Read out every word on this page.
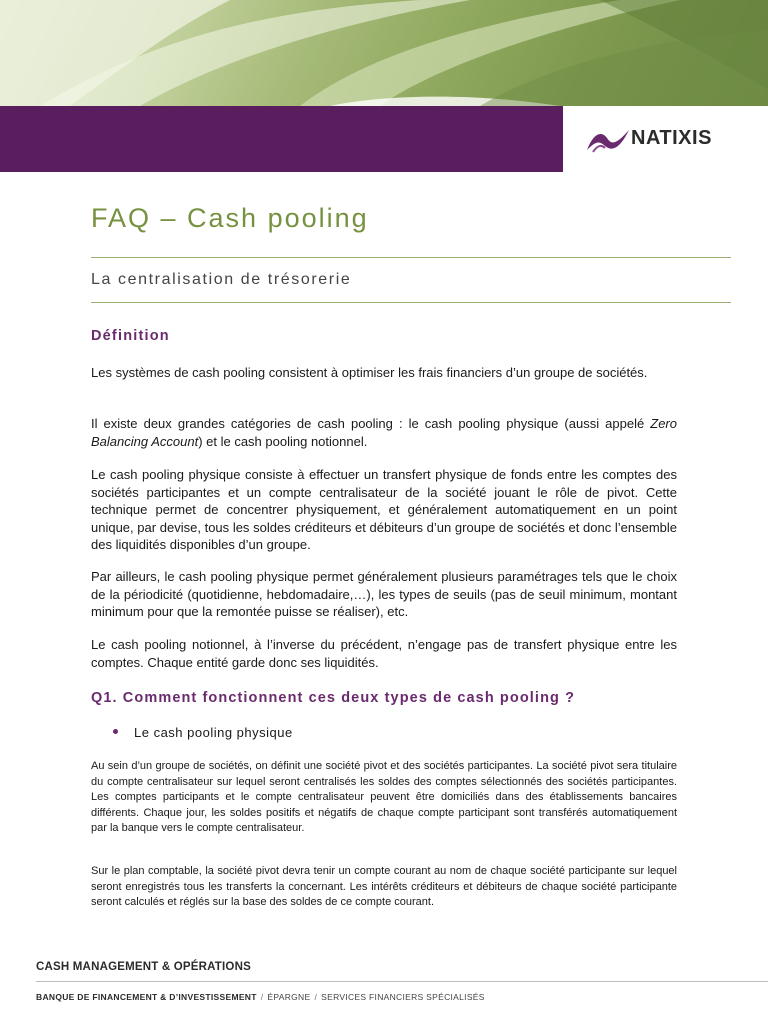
NATIXIS
FAQ – Cash pooling
La centralisation de trésorerie
Définition

Les systèmes de cash pooling consistent à optimiser les frais financiers d’un groupe de sociétés.

Il existe deux grandes catégories de cash pooling : le cash pooling physique (aussi appelé Zero Balancing Account) et le cash pooling notionnel.

Le cash pooling physique consiste à effectuer un transfert physique de fonds entre les comptes des sociétés participantes et un compte centralisateur de la société jouant le rôle de pivot. Cette technique permet de concentrer physiquement, et généralement automatiquement en un point unique, par devise, tous les soldes créditeurs et débiteurs d’un groupe de sociétés et donc l’ensemble des liquidités disponibles d’un groupe.

Par ailleurs, le cash pooling physique permet généralement plusieurs paramétrages tels que le choix de la périodicité (quotidienne, hebdomadaire,…), les types de seuils (pas de seuil minimum, montant minimum pour que la remontée puisse se réaliser), etc.

Le cash pooling notionnel, à l’inverse du précédent, n’engage pas de transfert physique entre les comptes. Chaque entité garde donc ses liquidités.

Q1. Comment fonctionnent ces deux types de cash pooling ?
Le cash pooling physique

Au sein d’un groupe de sociétés, on définit une société pivot et des sociétés participantes. La société pivot sera titulaire du compte centralisateur sur lequel seront centralisés les soldes des comptes sélectionnés des sociétés participantes. Les comptes participants et le compte centralisateur peuvent être domiciliés dans des établissements bancaires différents. Chaque jour, les soldes positifs et négatifs de chaque compte participant sont transférés automatiquement par la banque vers le compte centralisateur.

Sur le plan comptable, la société pivot devra tenir un compte courant au nom de chaque société participante sur lequel seront enregistrés tous les transferts la concernant. Les intérêts créditeurs et débiteurs de chaque société participante seront calculés et réglés sur la base des soldes de ce compte courant.

CASH MANAGEMENT & OPÉRATIONS
BANQUE DE FINANCEMENT & D’INVESTISSEMENT / ÉPARGNE / SERVICES FINANCIERS SPÉCIALISÉS
